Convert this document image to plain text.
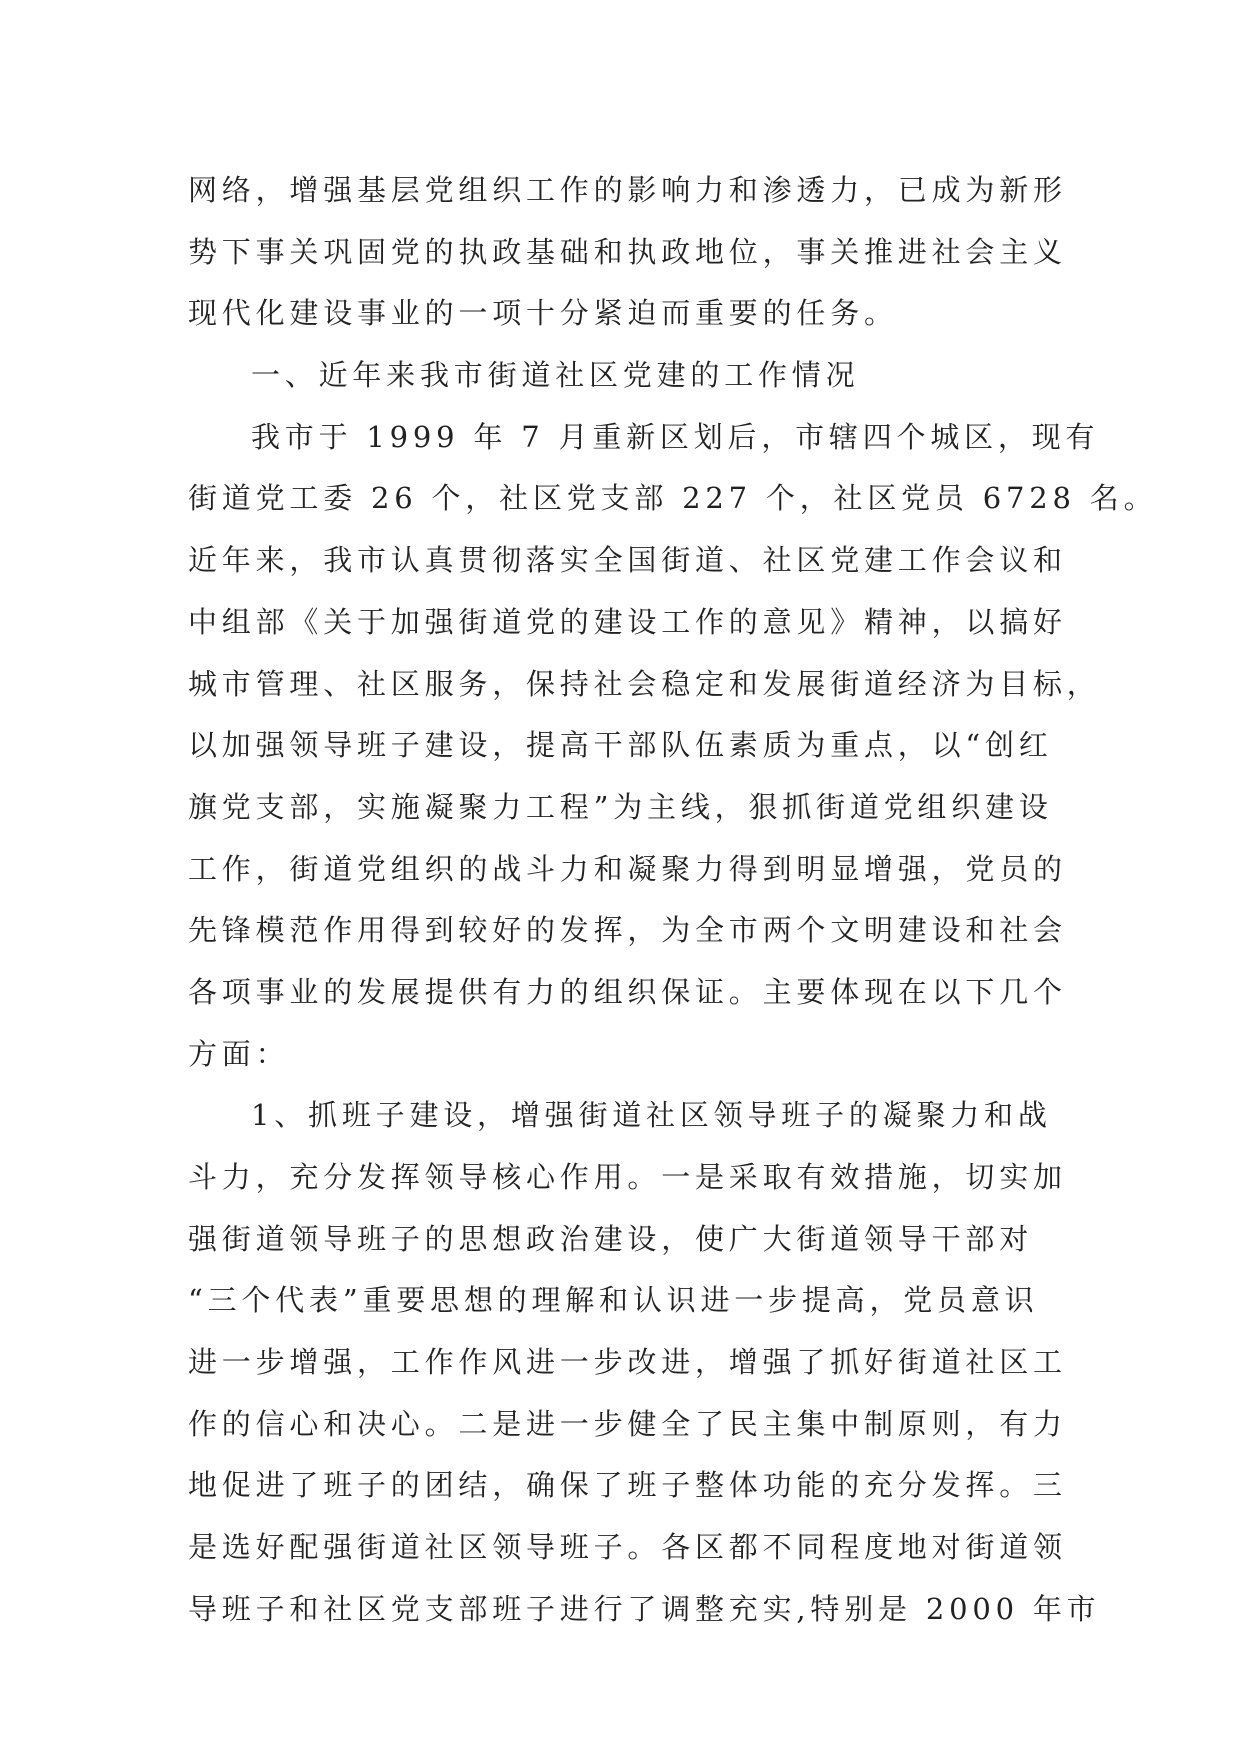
网络，增强基层党组织工作的影响力和渗透力，已成为新形
势下事关巩固党的执政基础和执政地位，事关推进社会主义
现代化建设事业的一项十分紧迫而重要的任务。
一、近年来我市街道社区党建的工作情况
我市于 1999 年 7 月重新区划后，市辖四个城区，现有
街道党工委 26 个，社区党支部 227 个，社区党员 6728 名。
近年来，我市认真贯彻落实全国街道、社区党建工作会议和
中组部《关于加强街道党的建设工作的意见》精神，以搞好
城市管理、社区服务，保持社会稳定和发展街道经济为目标，
以加强领导班子建设，提高干部队伍素质为重点，以“创红
旗党支部，实施凝聚力工程”为主线，狠抓街道党组织建设
工作，街道党组织的战斗力和凝聚力得到明显增强，党员的
先锋模范作用得到较好的发挥，为全市两个文明建设和社会
各项事业的发展提供有力的组织保证。主要体现在以下几个
方面：
1、抓班子建设，增强街道社区领导班子的凝聚力和战
斗力，充分发挥领导核心作用。一是采取有效措施，切实加
强街道领导班子的思想政治建设，使广大街道领导干部对
“三个代表”重要思想的理解和认识进一步提高，党员意识
进一步增强，工作作风进一步改进，增强了抓好街道社区工
作的信心和决心。二是进一步健全了民主集中制原则，有力
地促进了班子的团结，确保了班子整体功能的充分发挥。三
是选好配强街道社区领导班子。各区都不同程度地对街道领
导班子和社区党支部班子进行了调整充实,特别是 2000 年市
